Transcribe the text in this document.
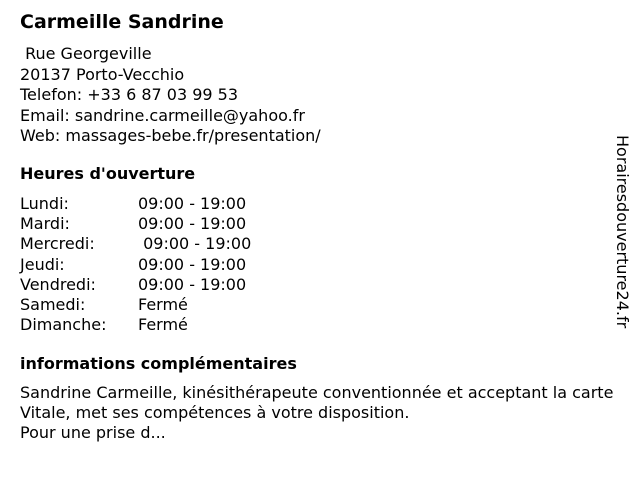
Carmeille Sandrine
Rue Georgeville
20137 Porto-Vecchio
Telefon: +33 6 87 03 99 53
Email: sandrine.carmeille@yahoo.fr
Web: massages-bebe.fr/presentation/
Heures d'ouverture
Lundi:	09:00 - 19:00
Mardi:	09:00 - 19:00
Mercredi:	09:00 - 19:00
Jeudi:	09:00 - 19:00
Vendredi:	09:00 - 19:00
Samedi:	Fermé
Dimanche: Fermé
informations complémentaires
Sandrine Carmeille, kinésithérapeute conventionnée et acceptant la carte Vitale, met ses compétences à votre disposition.
Pour une prise d...
Horairesdouverture24.fr
